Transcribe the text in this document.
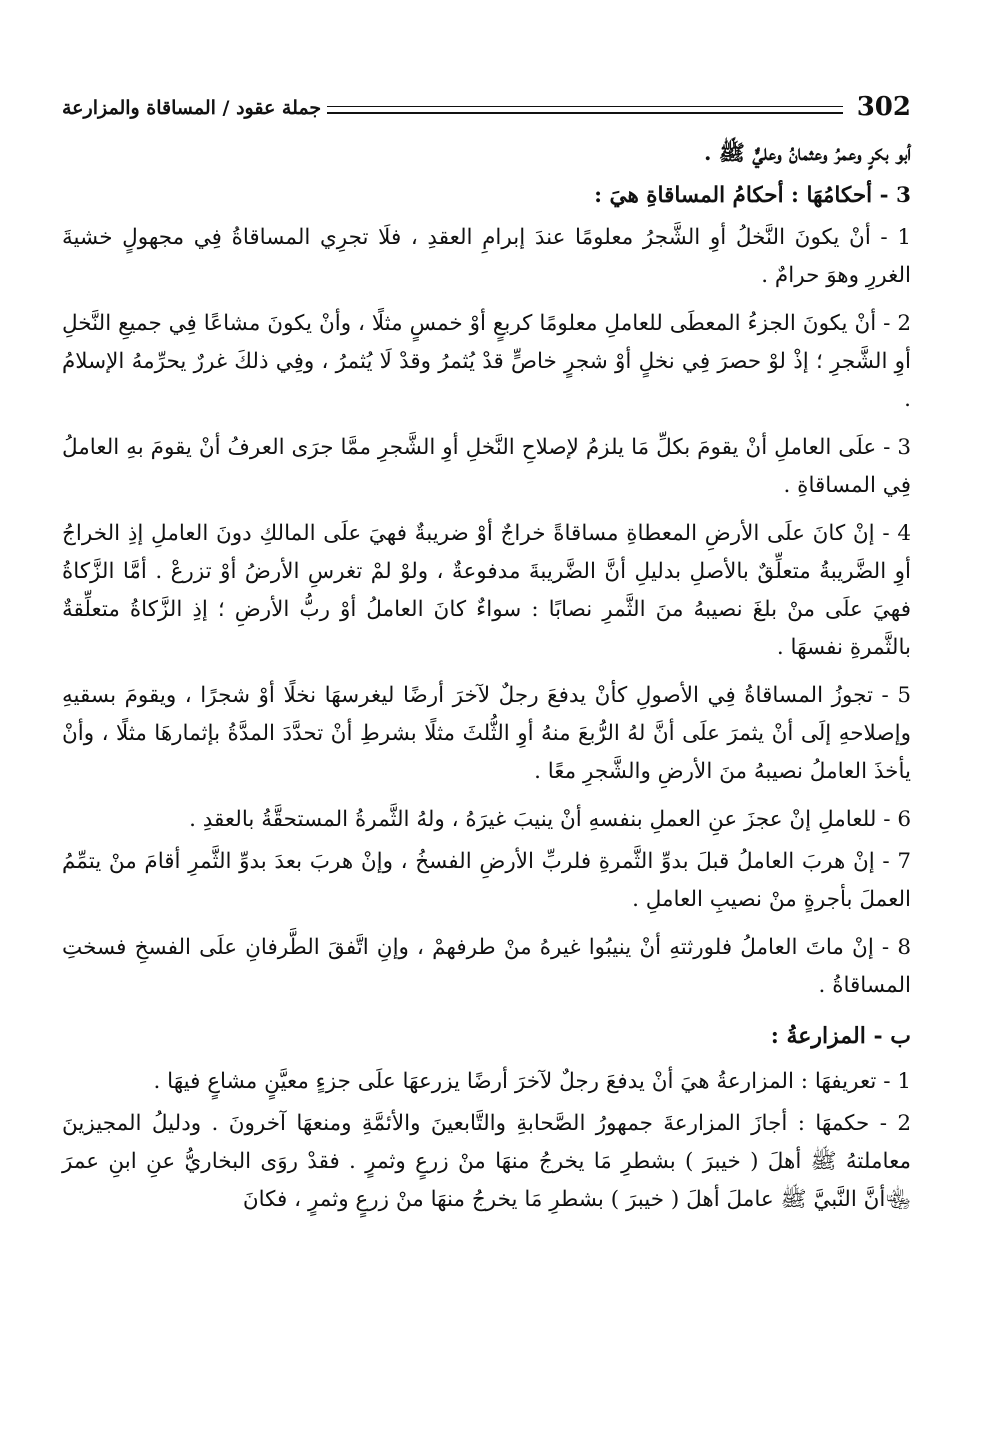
302
جملة عقود / المساقاة والمزارعة

أبو بكرٍ وعمرُ وعثمانُ وعليٌّ ﷺ .

3 - أحكامُهَا : أحكامُ المساقاةِ هيَ :

1 - أنْ يكونَ النَّخلُ أوِ الشَّجرُ معلومًا عندَ إبرامِ العقدِ ، فلَا تجرِي المساقاةُ فِي مجهولٍ خشيةَ الغررِ وهوَ حرامٌ .

2 - أنْ يكونَ الجزءُ المعطَى للعاملِ معلومًا كربعٍ أوْ خمسٍ مثلًا ، وأنْ يكونَ مشاعًا فِي جميعِ النَّخلِ أوِ الشَّجرِ ؛ إذْ لوْ حصرَ فِي نخلٍ أوْ شجرٍ خاصٍّ قدْ يُثمرُ وقدْ لَا يُثمرُ ، وفِي ذلكَ غررٌ يحرِّمهُ الإسلامُ .

3 - علَى العاملِ أنْ يقومَ بكلِّ مَا يلزمُ لإصلاحِ النَّخلِ أوِ الشَّجرِ ممَّا جرَى العرفُ أنْ يقومَ بهِ العاملُ فِي المساقاةِ .

4 - إنْ كانَ علَى الأرضِ المعطاةِ مساقاةً خراجٌ أوْ ضريبةٌ فهيَ علَى المالكِ دونَ العاملِ إذِ الخراجُ أوِ الضَّريبةُ متعلِّقٌ بالأصلِ بدليلِ أنَّ الضَّريبةَ مدفوعةٌ ، ولوْ لمْ تغرسِ الأرضُ أوْ تزرعْ . أمَّا الزَّكاةُ فهيَ علَى منْ بلغَ نصيبهُ منَ الثَّمرِ نصابًا : سواءٌ كانَ العاملُ أوْ ربُّ الأرضِ ؛ إذِ الزَّكاةُ متعلِّقةٌ بالثَّمرةِ نفسهَا .

5 - تجوزُ المساقاةُ فِي الأصولِ كأنْ يدفعَ رجلٌ لآخرَ أرضًا ليغرسهَا نخلًا أوْ شجرًا ، ويقومَ بسقيهِ وإصلاحهِ إلَى أنْ يثمرَ علَى أنَّ لهُ الرُّبعَ منهُ أوِ الثُّلثَ مثلًا بشرطِ أنْ تحدَّدَ المدَّةُ بإثمارهَا مثلًا ، وأنْ يأخذَ العاملُ نصيبهُ منَ الأرضِ والشَّجرِ معًا .

6 - للعاملِ إنْ عجزَ عنِ العملِ بنفسهِ أنْ ينيبَ غيرَهُ ، ولهُ الثَّمرةُ المستحقَّةُ بالعقدِ .

7 - إنْ هربَ العاملُ قبلَ بدوِّ الثَّمرةِ فلربِّ الأرضِ الفسخُ ، وإنْ هربَ بعدَ بدوِّ الثَّمرِ أقامَ منْ يتمِّمُ العملَ بأجرةٍ منْ نصيبِ العاملِ .

8 - إنْ ماتَ العاملُ فلورثتهِ أنْ ينيبُوا غيرهُ منْ طرفهمْ ، وإنِ اتَّفقَ الطَّرفانِ علَى الفسخِ فسختِ المساقاةُ .

ب - المزارعةُ :

1 - تعريفهَا : المزارعةُ هيَ أنْ يدفعَ رجلٌ لآخرَ أرضًا يزرعهَا علَى جزءٍ معيَّنٍ مشاعٍ فيهَا .

2 - حكمهَا : أجازَ المزارعةَ جمهورُ الصَّحابةِ والتَّابعينَ والأئمَّةِ ومنعهَا آخرونَ . ودليلُ المجيزينَ معاملتهُ ﷺ أهلَ ( خيبرَ ) بشطرِ مَا يخرجُ منهَا منْ زرعٍ وثمرٍ . فقدْ روَى البخاريُّ عنِ ابنِ عمرَ ﵄أنَّ النَّبيَّ ﷺ عاملَ أهلَ ( خيبرَ ) بشطرِ مَا يخرجُ منهَا منْ زرعٍ وثمرٍ ، فكانَ
